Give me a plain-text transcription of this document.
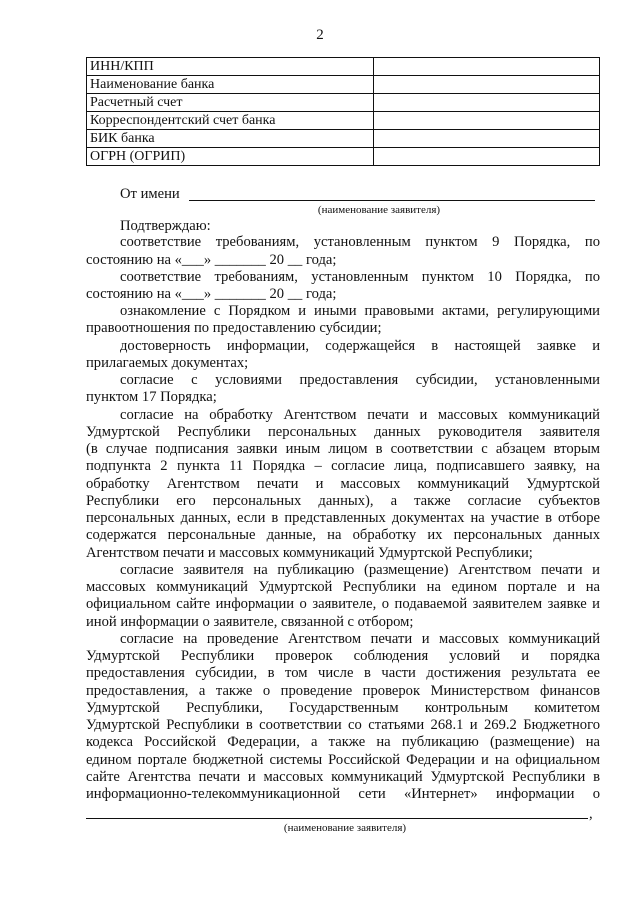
2
ИНН/КПП	
Наименование банка	
Расчетный счет	
Корреспондентский счет банка	
БИК банка	
ОГРН (ОГРИП)	
От имени
(наименование заявителя)
Подтверждаю:
соответствие требованиям, установленным пунктом 9 Порядка, по
состоянию на «___» _______ 20 __ года;
соответствие требованиям, установленным пунктом 10 Порядка, по
состоянию на «___» _______ 20 __ года;
ознакомление с Порядком и иными правовыми актами, регулирующими
правоотношения по предоставлению субсидии;
достоверность информации, содержащейся в настоящей заявке и
прилагаемых документах;
согласие с условиями предоставления субсидии, установленными
пунктом 17 Порядка;
согласие на обработку Агентством печати и массовых коммуникаций
Удмуртской Республики персональных данных руководителя заявителя
(в случае подписания заявки иным лицом в соответствии с абзацем вторым
подпункта 2 пункта 11 Порядка – согласие лица, подписавшего заявку, на
обработку Агентством печати и массовых коммуникаций Удмуртской
Республики его персональных данных), а также согласие субъектов
персональных данных, если в представленных документах на участие в отборе
содержатся персональные данные, на обработку их персональных данных
Агентством печати и массовых коммуникаций Удмуртской Республики;
согласие заявителя на публикацию (размещение) Агентством печати и
массовых коммуникаций Удмуртской Республики на едином портале и на
официальном сайте информации о заявителе, о подаваемой заявителем заявке и
иной информации о заявителе, связанной с отбором;
согласие на проведение Агентством печати и массовых коммуникаций
Удмуртской Республики проверок соблюдения условий и порядка
предоставления субсидии, в том числе в части достижения результата ее
предоставления, а также о проведение проверок Министерством финансов
Удмуртской Республики, Государственным контрольным комитетом
Удмуртской Республики в соответствии со статьями 268.1 и 269.2 Бюджетного
кодекса Российской Федерации, а также на публикацию (размещение) на
едином портале бюджетной системы Российской Федерации и на официальном
сайте Агентства печати и массовых коммуникаций Удмуртской Республики в
информационно-телекоммуникационной сети «Интернет» информации о
,
(наименование заявителя)
